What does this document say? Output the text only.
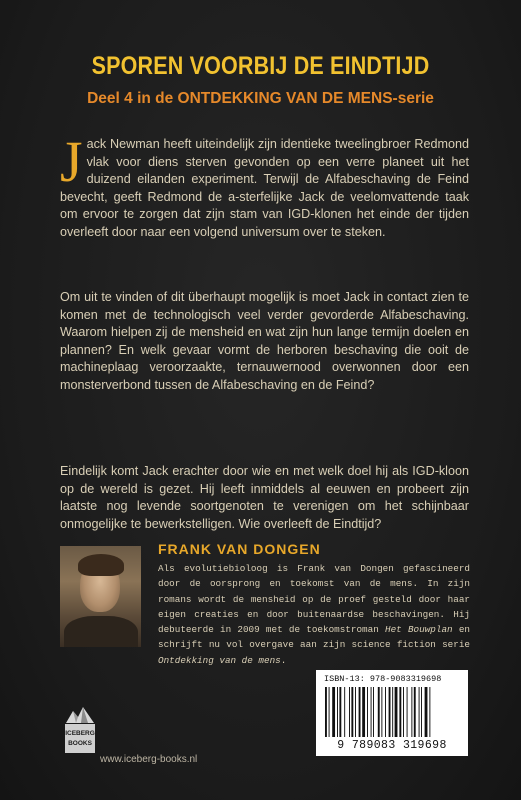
SPOREN VOORBIJ DE EINDTIJD
Deel 4 in de ONTDEKKING VAN DE MENS-serie

Jack Newman heeft uiteindelijk zijn identieke tweelingbroer Redmond vlak voor diens sterven gevonden op een verre planeet uit het duizend eilanden experiment. Terwijl de Alfabeschaving de Feind bevecht, geeft Redmond de a-sterfelijke Jack de veelomvattende taak om ervoor te zorgen dat zijn stam van IGD-klonen het einde der tijden overleeft door naar een volgend universum over te steken.

Om uit te vinden of dit überhaupt mogelijk is moet Jack in contact zien te komen met de technologisch veel verder gevorderde Alfabeschaving. Waarom hielpen zij de mensheid en wat zijn hun lange termijn doelen en plannen? En welk gevaar vormt de herboren beschaving die ooit de machineplaag veroorzaakte, ternauwernood overwonnen door een monsterverbond tussen de Alfabeschaving en de Feind?

Eindelijk komt Jack erachter door wie en met welk doel hij als IGD-kloon op de wereld is gezet. Hij leeft inmiddels al eeuwen en probeert zijn laatste nog levende soortgenoten te verenigen om het schijnbaar onmogelijke te bewerkstelligen. Wie overleeft de Eindtijd?

FRANK VAN DONGEN

Als evolutiebioloog is Frank van Dongen gefascineerd door de oorsprong en toekomst van de mens. In zijn romans wordt de mensheid op de proef gesteld door haar eigen creaties en door buitenaardse beschavingen. Hij debuteerde in 2009 met de toekomstroman Het Bouwplan en schrijft nu vol overgave aan zijn science fiction serie Ontdekking van de mens.

ISBN-13: 978-9083319698
9 789083 319698
ICEBERG
BOOKS
www.iceberg-books.nl
